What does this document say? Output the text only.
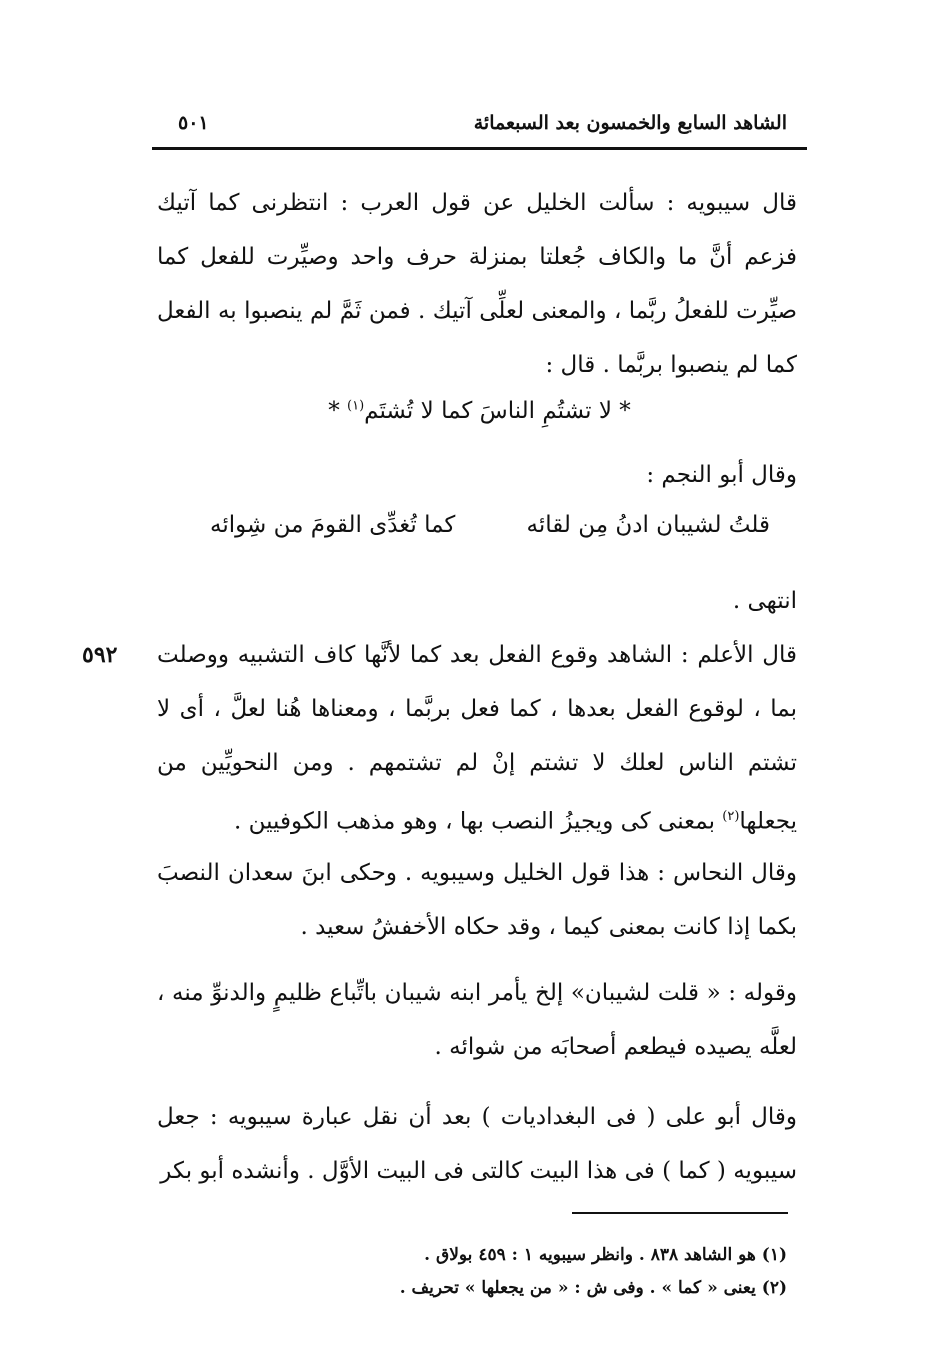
الشاهد السابع والخمسون بعد السبعمائة
٥٠١
قال سيبويه : سألت الخليل عن قول العرب : انتظرنى كما آتيك فزعم أنَّ ما والكاف جُعلتا بمنزلة حرف واحد وصيِّرت للفعل كما صيِّرت للفعلُ ربَّما ، والمعنى لعلِّى آتيك . فمن ثَمَّ لم ينصبوا به الفعل كما لم ينصبوا بربَّما . قال :
* لا تشتُمِ الناسَ كما لا تُشتَم$^{(١)}$ *
وقال أبو النجم :
قلتُ لشيبان ادنُ مِن لقائه
كما تُغدِّى القومَ من شِوائه
انتهى .
٥٩٢ قال الأعلم : الشاهد وقوع الفعل بعد كما لأنَّها كاف التشبيه ووصلت بما ، لوقوع الفعل بعدها ، كما فعل بربَّما ، ومعناها هُنا لعلَّ ، أى لا تشتم الناس لعلك لا تشتم إنْ لم تشتمهم . ومن النحويِّين من يجعلها$^{(٢)}$ بمعنى كى ويجيزُ النصب بها ، وهو مذهب الكوفيين .
وقال النحاس : هذا قول الخليل وسيبويه . وحكى ابنَ سعدان النصبَ بكما إذا كانت بمعنى كيما ، وقد حكاه الأخفشُ سعيد .
وقوله : « قلت لشيبان» إلخ يأمر ابنه شيبان باتِّباع ظليمٍ والدنوِّ منه ، لعلَّه يصيده فيطعم أصحابَه من شوائه .
وقال أبو على ( فى البغداديات ) بعد أن نقل عبارة سيبويه : جعل سيبويه ( كما ) فى هذا البيت كالتى فى البيت الأوَّل . وأنشده أبو بكر
(١) هو الشاهد ٨٣٨ . وانظر سيبويه ١ : ٤٥٩ بولاق .
(٢) يعنى « كما » . وفى ش : « من يجعلها » تحريف .
